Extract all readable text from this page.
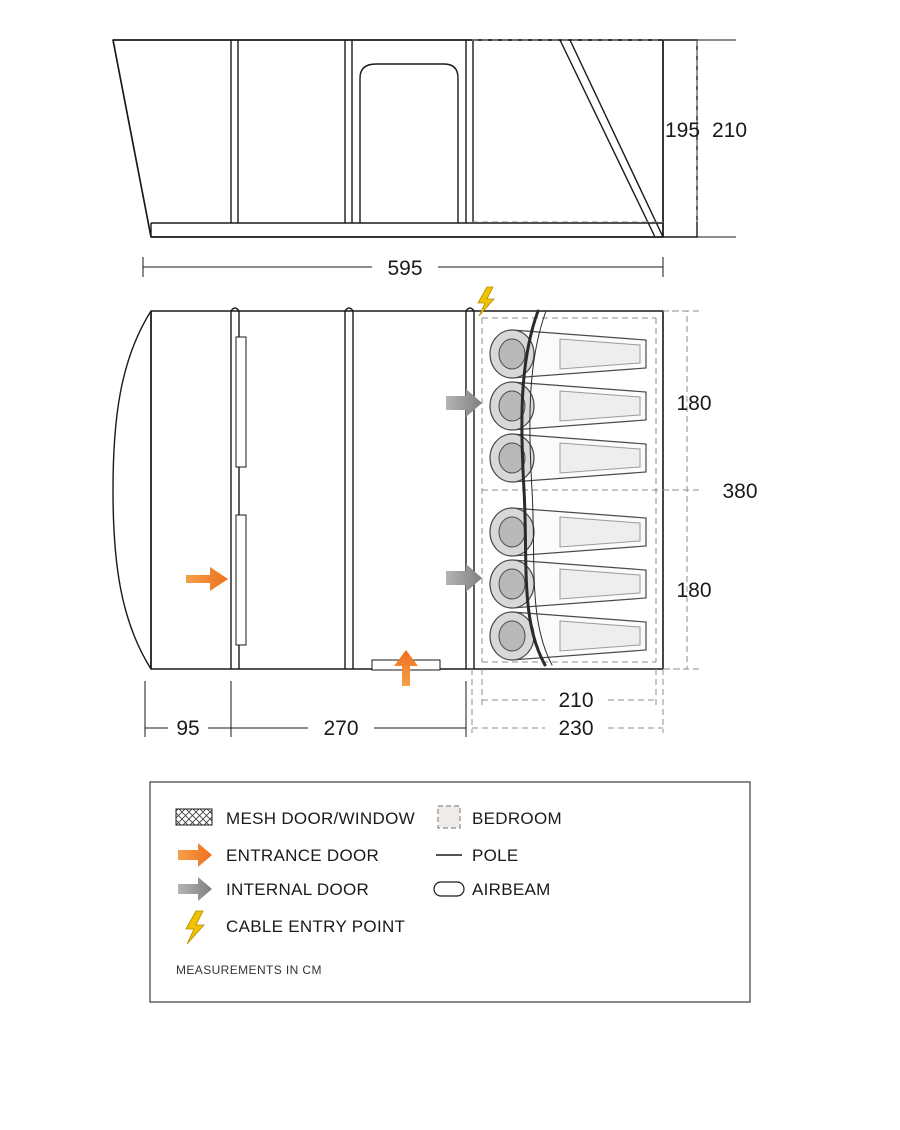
195 210
595
180
180
380
210
230
95	270
MESH DOOR/WINDOW
ENTRANCE DOOR
INTERNAL DOOR
CABLE ENTRY POINT
BEDROOM
POLE
AIRBEAM
MEASUREMENTS IN CM
